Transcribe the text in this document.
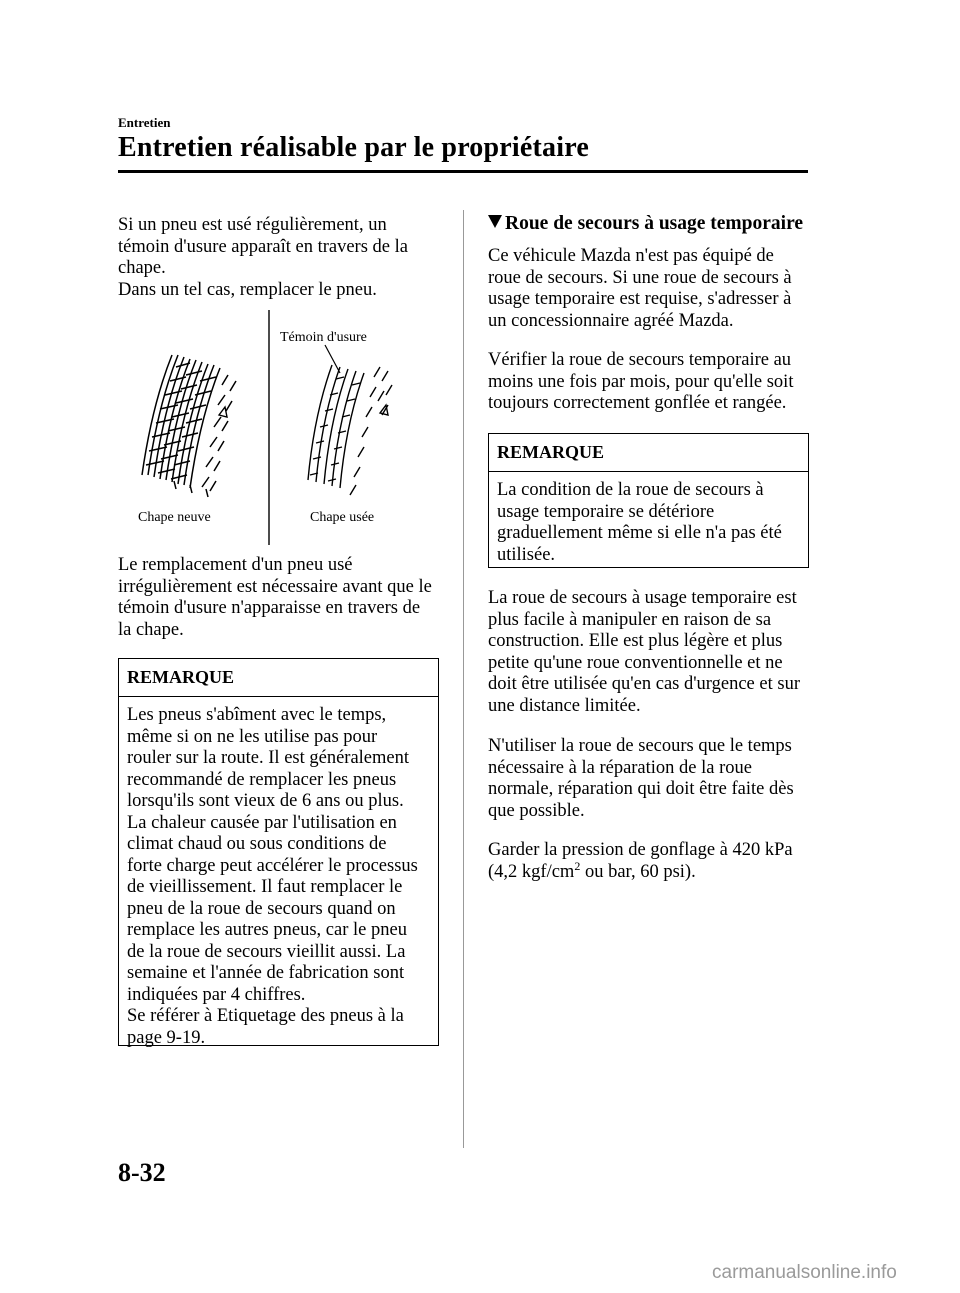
Entretien
Entretien réalisable par le propriétaire

Si un pneu est usé régulièrement, un
témoin d'usure apparaît en travers de la
chape.
Dans un tel cas, remplacer le pneu.

Témoin d'usure
Chape neuve	Chape usée

Le remplacement d'un pneu usé
irrégulièrement est nécessaire avant que le
témoin d'usure n'apparaisse en travers de
la chape.

REMARQUE
Les pneus s'abîment avec le temps,
même si on ne les utilise pas pour
rouler sur la route. Il est généralement
recommandé de remplacer les pneus
lorsqu'ils sont vieux de 6 ans ou plus.
La chaleur causée par l'utilisation en
climat chaud ou sous conditions de
forte charge peut accélérer le processus
de vieillissement. Il faut remplacer le
pneu de la roue de secours quand on
remplace les autres pneus, car le pneu
de la roue de secours vieillit aussi. La
semaine et l'année de fabrication sont
indiquées par 4 chiffres.
Se référer à Etiquetage des pneus à la
page 9-19.
Roue de secours à usage temporaire

Ce véhicule Mazda n'est pas équipé de
roue de secours. Si une roue de secours à
usage temporaire est requise, s'adresser à
un concessionnaire agréé Mazda.

Vérifier la roue de secours temporaire au
moins une fois par mois, pour qu'elle soit
toujours correctement gonflée et rangée.

REMARQUE
La condition de la roue de secours à
usage temporaire se détériore
graduellement même si elle n'a pas été
utilisée.

La roue de secours à usage temporaire est
plus facile à manipuler en raison de sa
construction. Elle est plus légère et plus
petite qu'une roue conventionnelle et ne
doit être utilisée qu'en cas d'urgence et sur
une distance limitée.

N'utiliser la roue de secours que le temps
nécessaire à la réparation de la roue
normale, réparation qui doit être faite dès
que possible.

Garder la pression de gonflage à 420 kPa
(4,2 kgf/$cm^2$ ou bar, 60 psi).

8-32
carmanualsonline.info
